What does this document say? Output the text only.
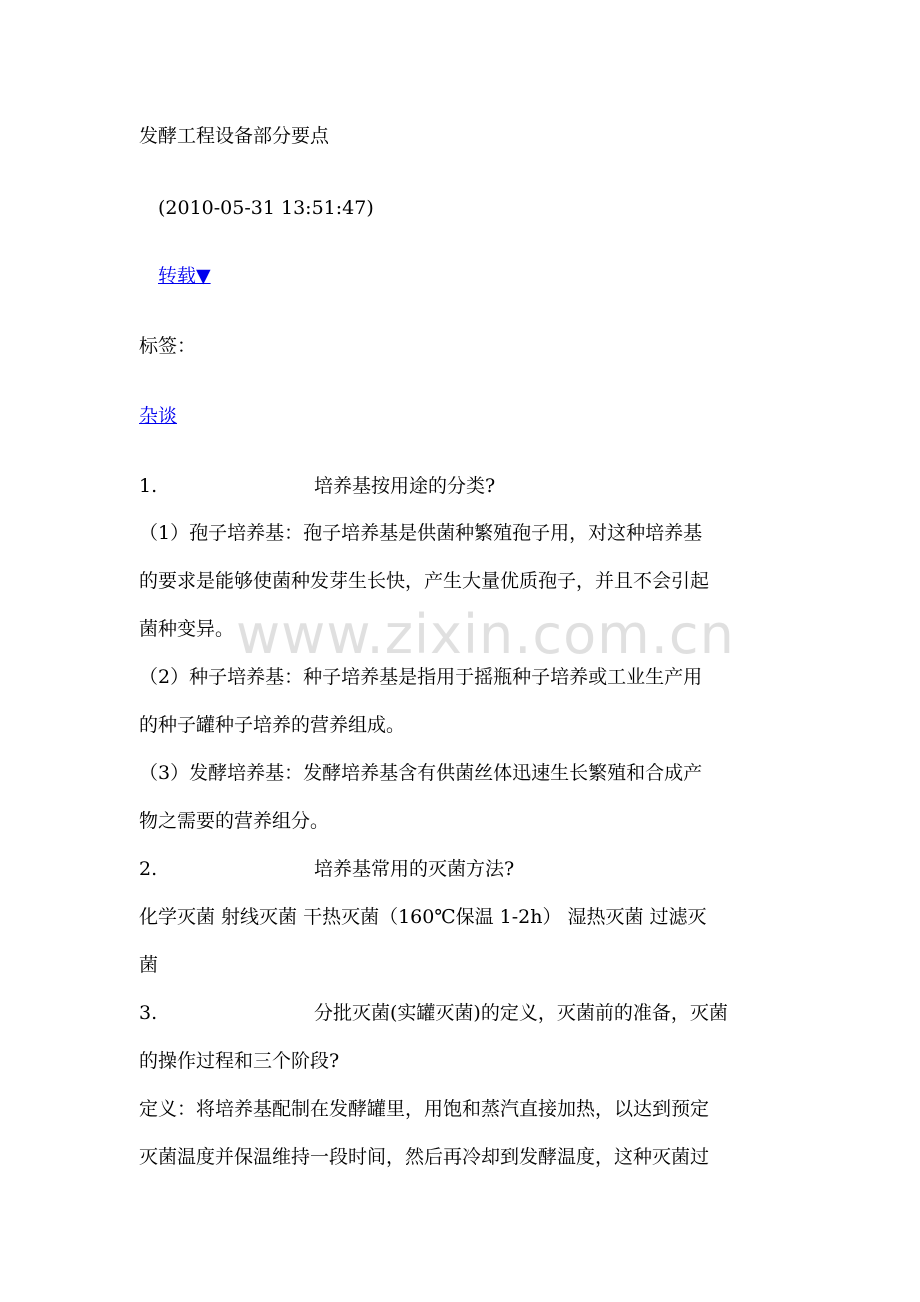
发酵工程设备部分要点
(2010-05-31 13:51:47)
转载▼
标签：
杂谈
1.	培养基按用途的分类?
（1）孢子培养基：孢子培养基是供菌种繁殖孢子用，对这种培养基
的要求是能够使菌种发芽生长快，产生大量优质孢子，并且不会引起
菌种变异。
（2）种子培养基：种子培养基是指用于摇瓶种子培养或工业生产用
的种子罐种子培养的营养组成。
（3）发酵培养基：发酵培养基含有供菌丝体迅速生长繁殖和合成产
物之需要的营养组分。
2.	培养基常用的灭菌方法?
化学灭菌 射线灭菌 干热灭菌（160℃保温 1-2h） 湿热灭菌 过滤灭
菌
3.	分批灭菌(实罐灭菌)的定义，灭菌前的准备，灭菌
的操作过程和三个阶段?
定义：将培养基配制在发酵罐里，用饱和蒸汽直接加热，以达到预定
灭菌温度并保温维持一段时间，然后再冷却到发酵温度，这种灭菌过
www.zixin.com.cn
